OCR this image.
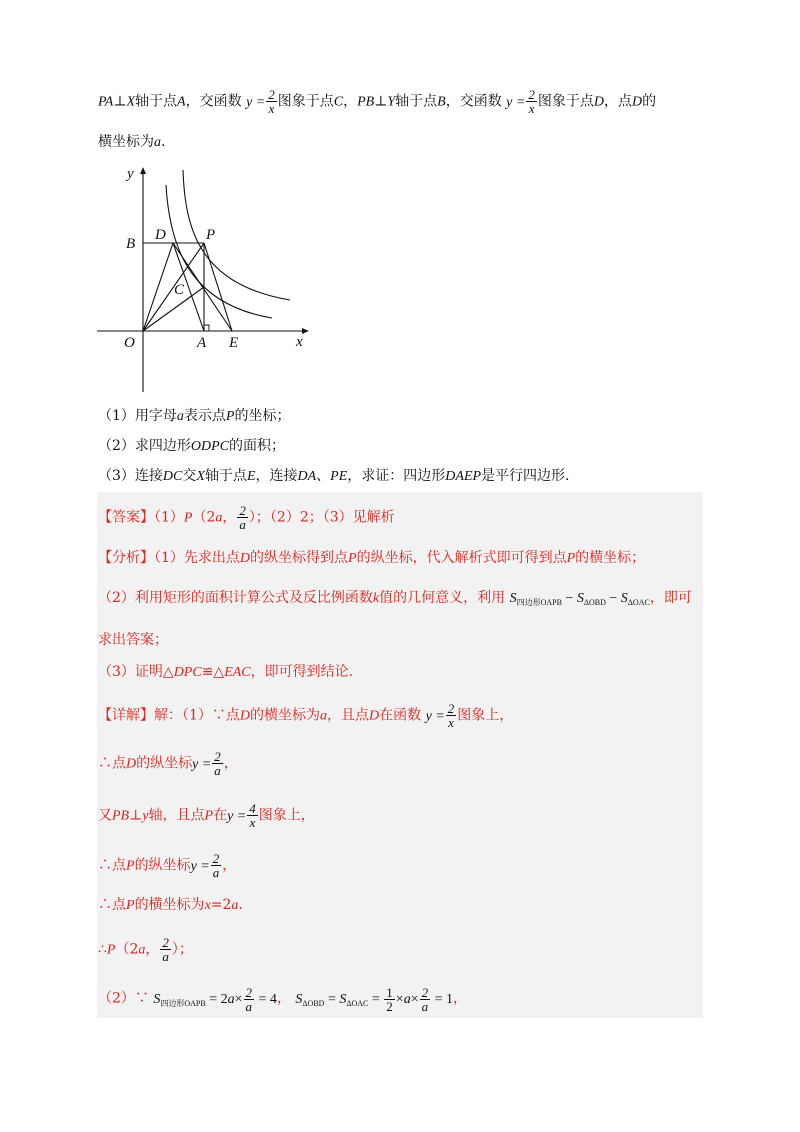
PA⊥X轴于点A，交函数 $y = \frac{2}{x}$ 图象于点C，PB⊥Y轴于点B，交函数 $y = \frac{2}{x}$ 图象于点D，点D的
横坐标为a.
y
x
O	A E
B
D	P
C
（1）用字母a表示点P的坐标；
（2）求四边形ODPC的面积；
（3）连接DC交X轴于点E，连接DA、PE，求证：四边形DAEP是平行四边形.
【答案】（1）P（2a， $\frac{2}{a}$ ）；（2）2；（3）见解析
【分析】（1）先求出点D的纵坐标得到点P的纵坐标，代入解析式即可得到点P的横坐标；
（2）利用矩形的面积计算公式及反比例函数k值的几何意义，利用 $S_{四边形OAPB} - S_{\Delta OBD} - S_{\Delta OAC}$，即可
求出答案；
（3）证明△DPC≌△EAC，即可得到结论.
【详解】解：（1）∵点D的横坐标为a，且点D在函数 $y = \frac{2}{x}$ 图象上，
∴点D的纵坐标$y = \frac{2}{a}$ ，
又PB⊥y轴，且点P在$y = \frac{4}{x}$ 图象上，
∴点P的纵坐标$y = \frac{2}{a}$ ，
∴点P的横坐标为x=2a.
∴P（2a， $\frac{2}{a}$ ）；
（2）∵ $S_{四边形OAPB} = 2a\times \frac{2}{a} = 4$， $S_{\Delta OBD} = S_{\Delta OAC} = \frac{1}{2} \times a\times \frac{2}{a} = 1$，
